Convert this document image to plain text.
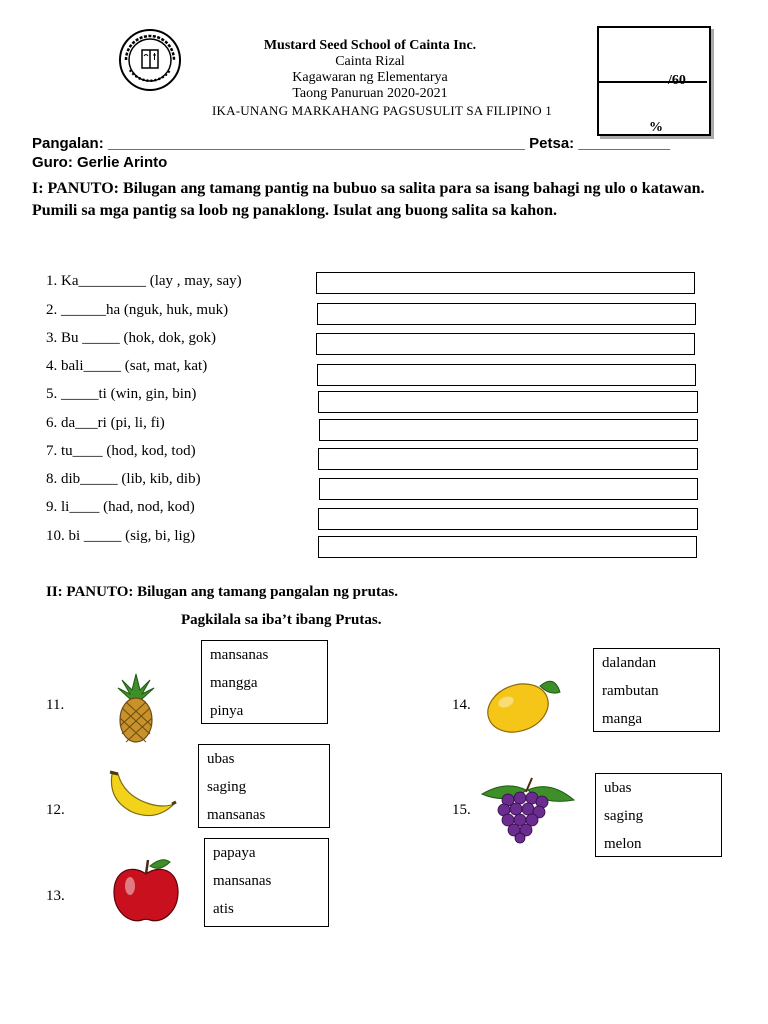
Mustard Seed School of Cainta Inc.
Cainta Rizal
Kagawaran ng Elementarya
Taong Panuruan 2020-2021
IKA-UNANG MARKAHANG PAGSUSULIT SA FILIPINO 1
/60
%
Pangalan: __________________________________________________ Petsa: ___________
Guro: Gerlie Arinto
I: PANUTO: Bilugan ang tamang pantig na bubuo sa salita para sa isang bahagi ng ulo o katawan. Pumili sa mga pantig sa loob ng panaklong. Isulat ang buong salita sa kahon.
1. Ka_________ (lay , may, say)
2. ______ha (nguk, huk, muk)
3. Bu _____ (hok, dok, gok)
4. bali_____ (sat, mat, kat)
5. _____ti (win, gin, bin)
6. da___ri (pi, li, fi)
7. tu____ (hod, kod, tod)
8. dib_____ (lib, kib, dib)
9. li____ (had, nod, kod)
10. bi _____ (sig, bi, lig)
II: PANUTO: Bilugan ang tamang pangalan ng prutas.
Pagkilala sa iba’t ibang Prutas.
11.
mansanas
mangga
pinya
12.
ubas
saging
mansanas
13.
papaya
mansanas
atis
14.
dalandan
rambutan
manga
15.
ubas
saging
melon
